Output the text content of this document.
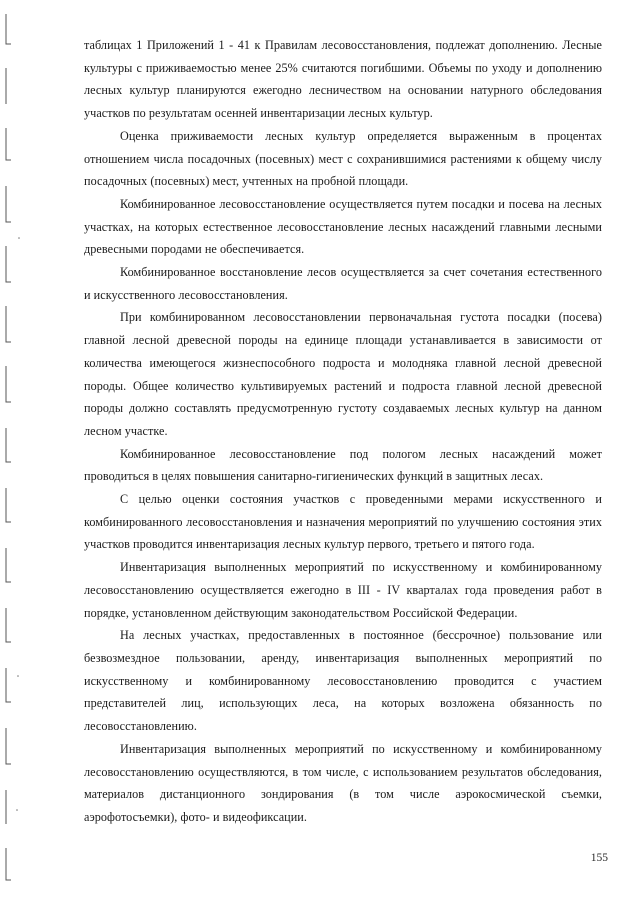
таблицах 1 Приложений 1 - 41 к Правилам лесовосстановления, подлежат дополнению. Лесные культуры с приживаемостью менее 25% считаются погибшими. Объемы по уходу и дополнению лесных культур планируются ежегодно лесничеством на основании натурного обследования участков по результатам осенней инвентаризации лесных культур.

Оценка приживаемости лесных культур определяется выраженным в процентах отношением числа посадочных (посевных) мест с сохранившимися растениями к общему числу посадочных (посевных) мест, учтенных на пробной площади.

Комбинированное лесовосстановление осуществляется путем посадки и посева на лесных участках, на которых естественное лесовосстановление лесных насаждений главными лесными древесными породами не обеспечивается.

Комбинированное восстановление лесов осуществляется за счет сочетания естественного и искусственного лесовосстановления.

При комбинированном лесовосстановлении первоначальная густота посадки (посева) главной лесной древесной породы на единице площади устанавливается в зависимости от количества имеющегося жизнеспособного подроста и молодняка главной лесной древесной породы. Общее количество культивируемых растений и подроста главной лесной древесной породы должно составлять предусмотренную густоту создаваемых лесных культур на данном лесном участке.

Комбинированное лесовосстановление под пологом лесных насаждений может проводиться в целях повышения санитарно-гигиенических функций в защитных лесах.

С целью оценки состояния участков с проведенными мерами искусственного и комбинированного лесовосстановления и назначения мероприятий по улучшению состояния этих участков проводится инвентаризация лесных культур первого, третьего и пятого года.

Инвентаризация выполненных мероприятий по искусственному и комбинированному лесовосстановлению осуществляется ежегодно в III - IV кварталах года проведения работ в порядке, установленном действующим законодательством Российской Федерации.

На лесных участках, предоставленных в постоянное (бессрочное) пользование или безвозмездное пользовании, аренду, инвентаризация выполненных мероприятий по искусственному и комбинированному лесовосстановлению проводится с участием представителей лиц, использующих леса, на которых возложена обязанность по лесовосстановлению.

Инвентаризация выполненных мероприятий по искусственному и комбинированному лесовосстановлению осуществляются, в том числе, с использованием результатов обследования, материалов дистанционного зондирования (в том числе аэрокосмической съемки, аэрофотосъемки), фото- и видеофиксации.

155
